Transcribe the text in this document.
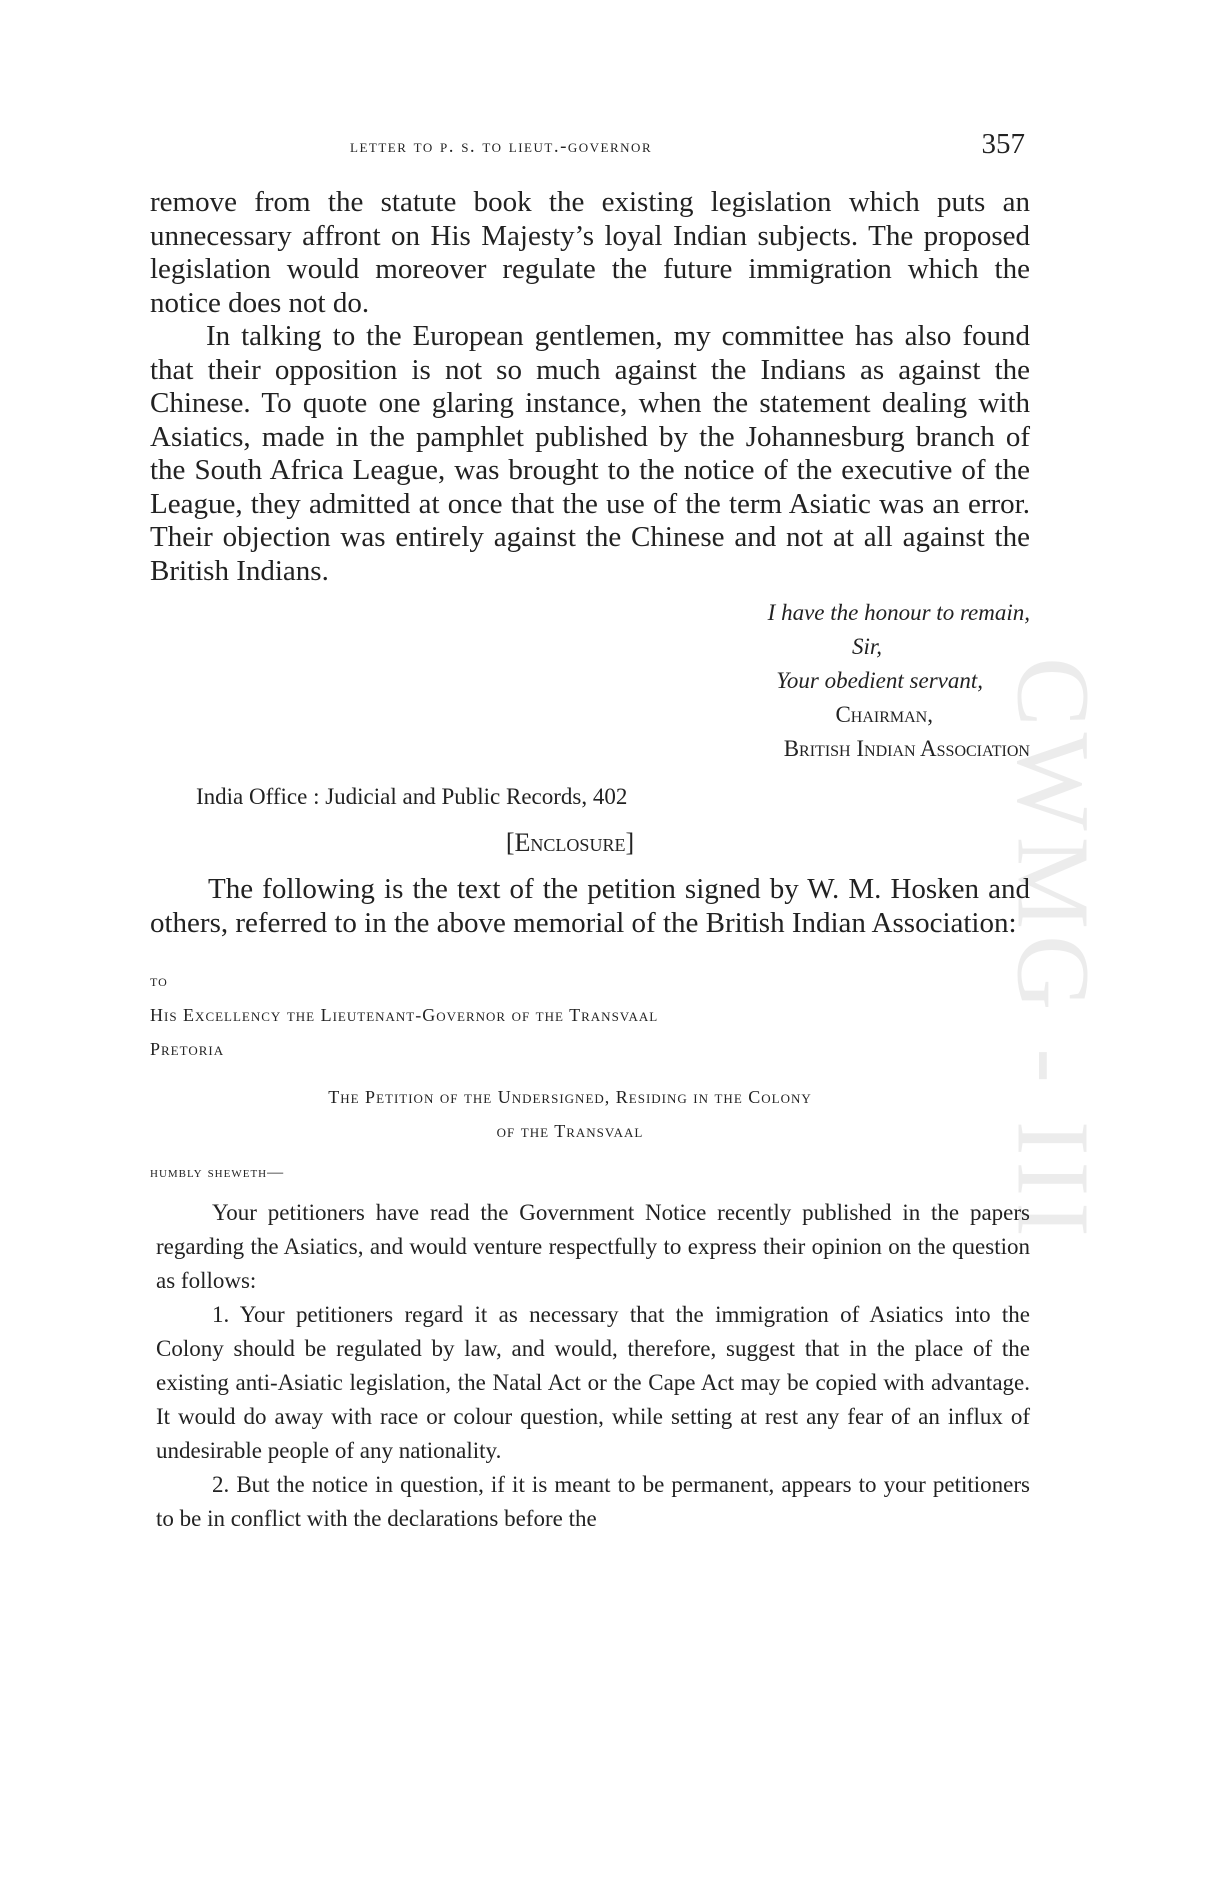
CWMG - III
letter to p. s. to lieut.-governor	357

remove from the statute book the existing legislation which puts an unnecessary affront on His Majesty’s loyal Indian subjects. The proposed legislation would moreover regulate the future immigration which the notice does not do.

In talking to the European gentlemen, my committee has also found that their opposition is not so much against the Indians as against the Chinese. To quote one glaring instance, when the statement dealing with Asiatics, made in the pamphlet published by the Johannesburg branch of the South Africa League, was brought to the notice of the executive of the League, they admitted at once that the use of the term Asiatic was an error. Their objection was entirely against the Chinese and not at all against the British Indians.

I have the honour to remain,
Sir,
Your obedient servant,
Chairman,
British Indian Association
India Office : Judicial and Public Records, 402
[Enclosure]
The following is the text of the petition signed by W. M. Hosken and others, referred to in the above memorial of the British Indian Association:
to
His Excellency the Lieutenant-Governor of the Transvaal
Pretoria
The Petition of the Undersigned, Residing in the Colony
of the Transvaal
humbly sheweth—

Your petitioners have read the Government Notice recently published in the papers regarding the Asiatics, and would venture respectfully to express their opinion on the question as follows:

1. Your petitioners regard it as necessary that the immigration of Asiatics into the Colony should be regulated by law, and would, therefore, suggest that in the place of the existing anti-Asiatic legislation, the Natal Act or the Cape Act may be copied with advantage. It would do away with race or colour question, while setting at rest any fear of an influx of undesirable people of any nationality.

2. But the notice in question, if it is meant to be permanent, appears to your petitioners to be in conflict with the declarations before the
